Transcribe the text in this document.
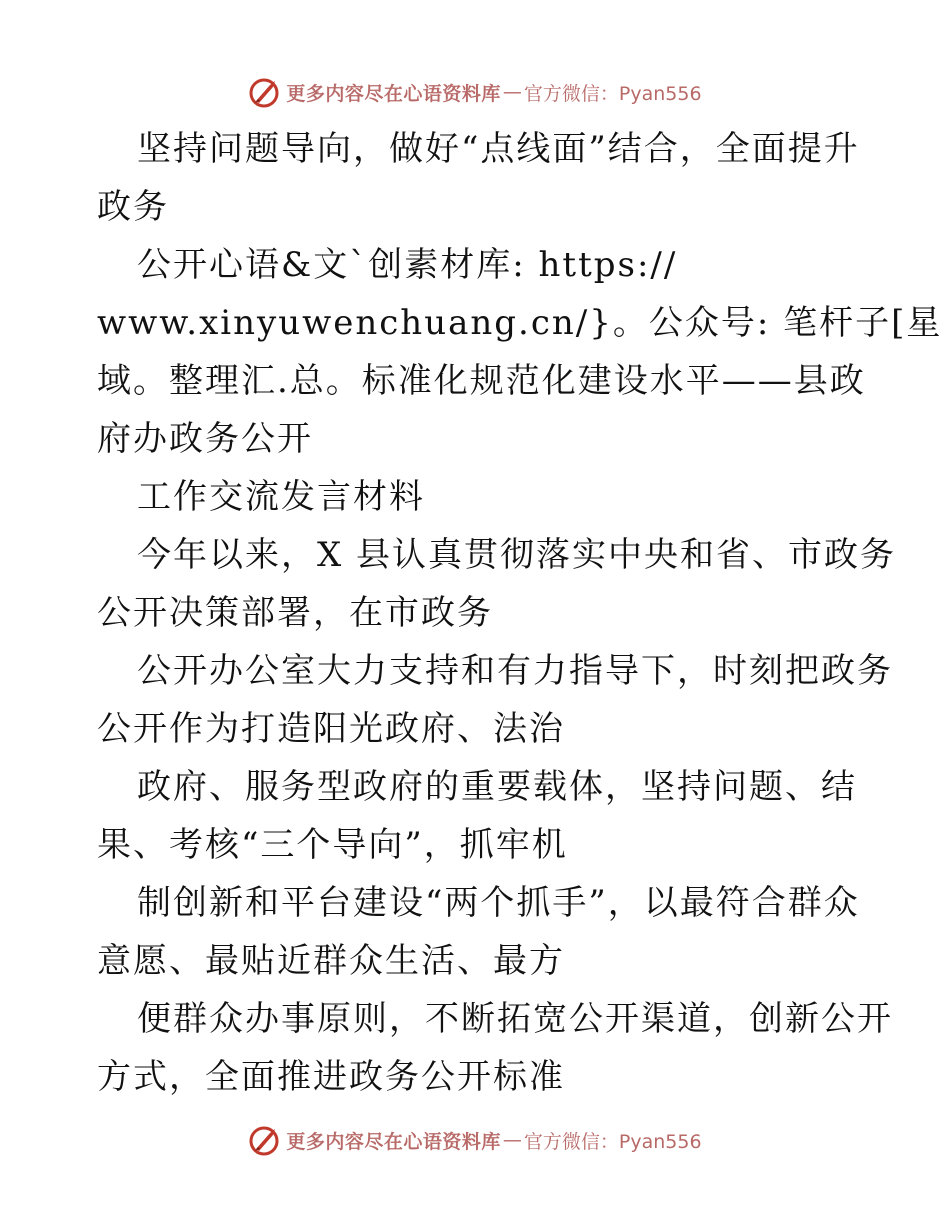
更多内容尽在心语资料库 — 官方微信：Pyan556
坚持问题导向，做好“点线面”结合，全面提升
政务
公开心语&文`创素材库: https://
www.xinyuwenchuang.cn/}。公众号: 笔杆子[星
域。整理汇.总。标准化规范化建设水平——县政
府办政务公开
工作交流发言材料
今年以来，X 县认真贯彻落实中央和省、市政务
公开决策部署，在市政务
公开办公室大力支持和有力指导下，时刻把政务
公开作为打造阳光政府、法治
政府、服务型政府的重要载体，坚持问题、结
果、考核“三个导向”，抓牢机
制创新和平台建设“两个抓手”，以最符合群众
意愿、最贴近群众生活、最方
便群众办事原则，不断拓宽公开渠道，创新公开
方式，全面推进政务公开标准
更多内容尽在心语资料库 — 官方微信：Pyan556
